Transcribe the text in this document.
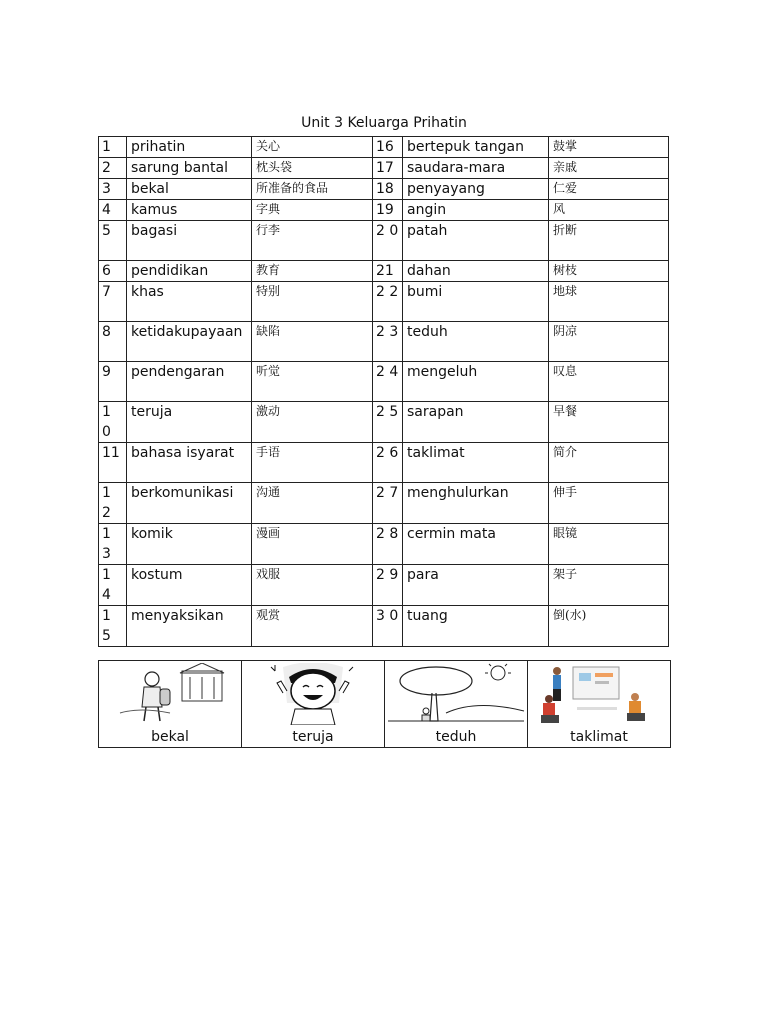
Unit 3 Keluarga Prihatin
1	prihatin	关心	16	bertepuk tangan	鼓掌
2	sarung bantal	枕头袋	17	saudara-mara	亲戚
3	bekal	所准备的食品	18	penyayang	仁爱
4	kamus	字典	19	angin	风
5	bagasi	行李	2 0	patah	折断
6	pendidikan	教育	21	dahan	树枝
7	khas	特别	2 2	bumi	地球
8	ketidakupayaan	缺陷	2 3	teduh	阴凉
9	pendengaran	听觉	2 4	mengeluh	叹息
1 0	teruja	激动	2 5	sarapan	早餐
11	bahasa isyarat	手语	2 6	taklimat	简介
1 2	berkomunikasi	沟通	2 7	menghulurkan	伸手
1 3	komik	漫画	2 8	cermin mata	眼镜
1 4	kostum	戏服	2 9	para	架子
1 5	menyaksikan	观赏	3 0	tuang	倒(水)
bekal	teruja	teduh	taklimat
